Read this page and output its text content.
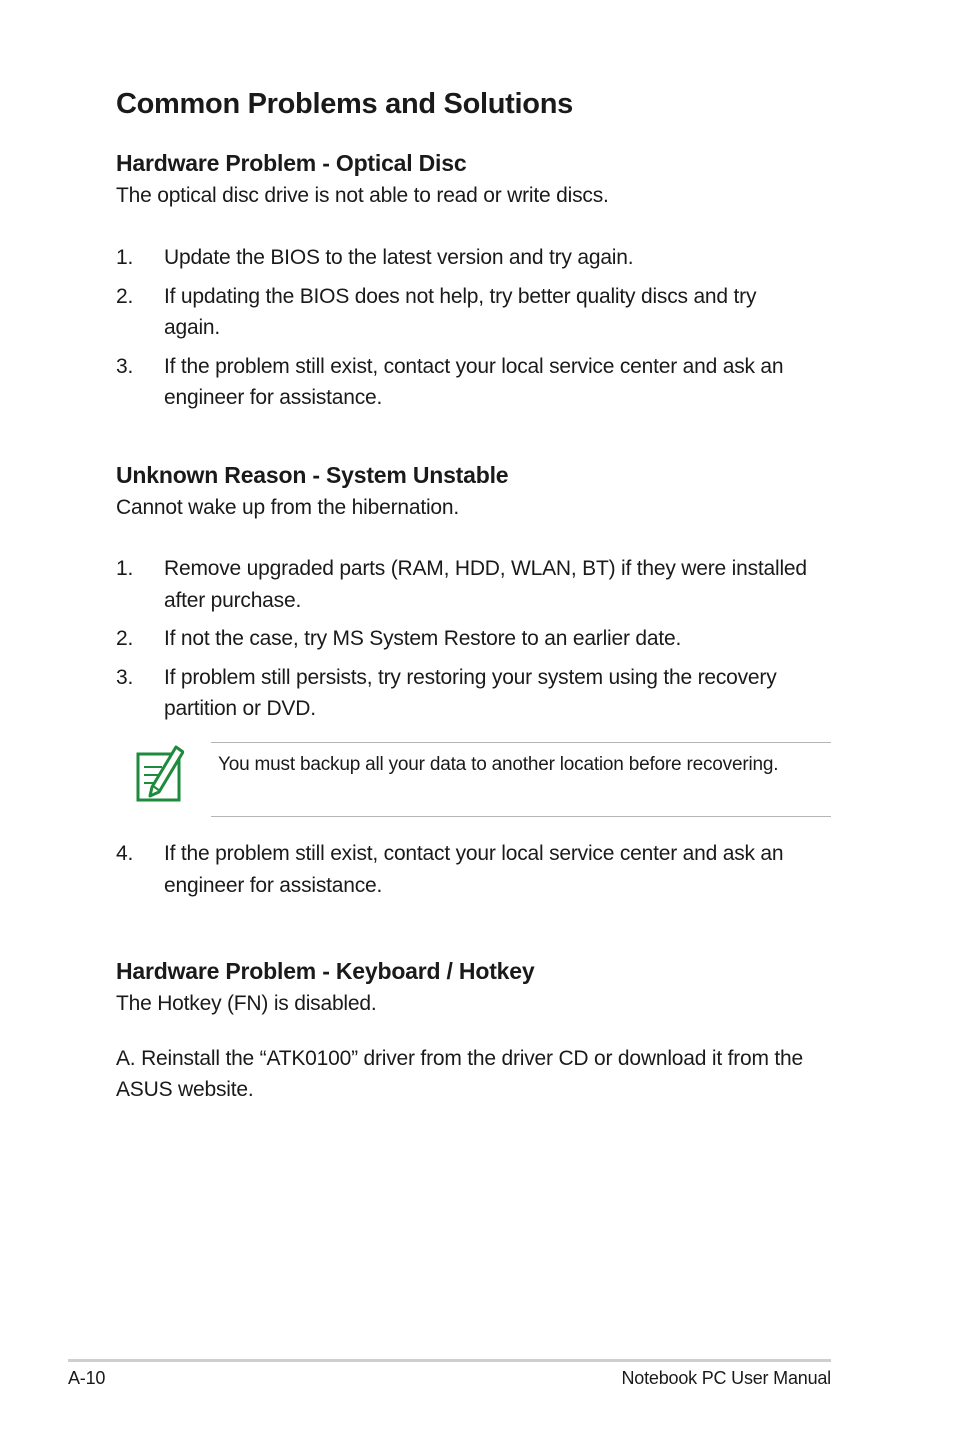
Common Problems and Solutions
Hardware Problem - Optical Disc

The optical disc drive is not able to read or write discs.

1. Update the BIOS to the latest version and try again.
2. If updating the BIOS does not help, try better quality discs and try again.
3. If the problem still exist, contact your local service center and ask an engineer for assistance.
Unknown Reason - System Unstable

Cannot wake up from the hibernation.

1. Remove upgraded parts (RAM, HDD, WLAN, BT) if they were installed after purchase.
2. If not the case, try MS System Restore to an earlier date.
3. If problem still persists, try restoring your system using the recovery partition or DVD.

You must backup all your data to another location before recovering.

4. If the problem still exist, contact your local service center and ask an engineer for assistance.
Hardware Problem - Keyboard / Hotkey

The Hotkey (FN) is disabled.

A. Reinstall the “ATK0100” driver from the driver CD or download it from the ASUS website.

A-10	Notebook PC User Manual
